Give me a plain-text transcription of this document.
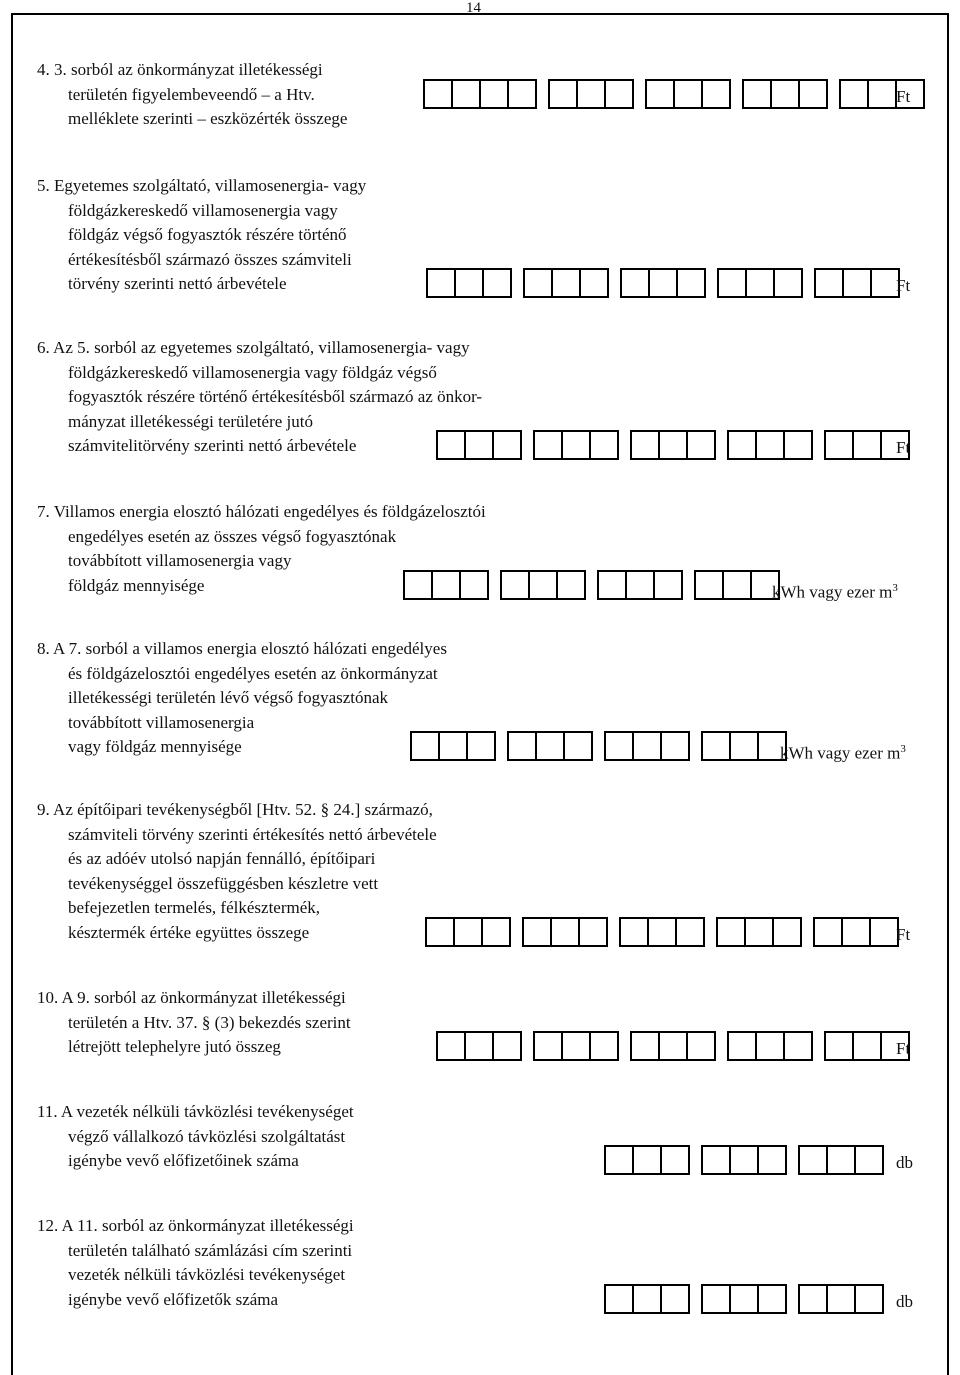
14
4. 3. sorból az önkormányzat illetékességi
területén figyelembeveendő – a Htv.
melléklete szerinti – eszközérték összege
Ft
5. Egyetemes szolgáltató, villamosenergia- vagy
földgázkereskedő villamosenergia vagy
földgáz végső fogyasztók részére történő
értékesítésből származó összes számviteli
törvény szerinti nettó árbevétele	Ft
6. Az 5. sorból az egyetemes szolgáltató, villamosenergia- vagy
földgázkereskedő villamosenergia vagy földgáz végső
fogyasztók részére történő értékesítésből származó az önkor-
mányzat illetékességi területére jutó
számvitelitörvény szerinti nettó árbevétele	Ft
7. Villamos energia elosztó hálózati engedélyes és földgázelosztói
engedélyes esetén az összes végső fogyasztónak
továbbított villamosenergia vagy
földgáz mennyisége	kWh vagy ezer $m^3$
8. A 7. sorból a villamos energia elosztó hálózati engedélyes
és földgázelosztói engedélyes esetén az önkormányzat
illetékességi területén lévő végső fogyasztónak
továbbított villamosenergia
vagy földgáz mennyisége	kWh vagy ezer $m^3$
9. Az építőipari tevékenységből [Htv. 52. § 24.] származó,
számviteli törvény szerinti értékesítés nettó árbevétele
és az adóév utolsó napján fennálló, építőipari
tevékenységgel összefüggésben készletre vett
befejezetlen termelés, félkésztermék,
késztermék értéke együttes összege	Ft
10. A 9. sorból az önkormányzat illetékességi
területén a Htv. 37. § (3) bekezdés szerint
létrejött telephelyre jutó összeg	Ft
11. A vezeték nélküli távközlési tevékenységet
végző vállalkozó távközlési szolgáltatást
igénybe vevő előfizetőinek száma	db
12. A 11. sorból az önkormányzat illetékességi
területén található számlázási cím szerinti
vezeték nélküli távközlési tevékenységet
igénybe vevő előfizetők száma	db
